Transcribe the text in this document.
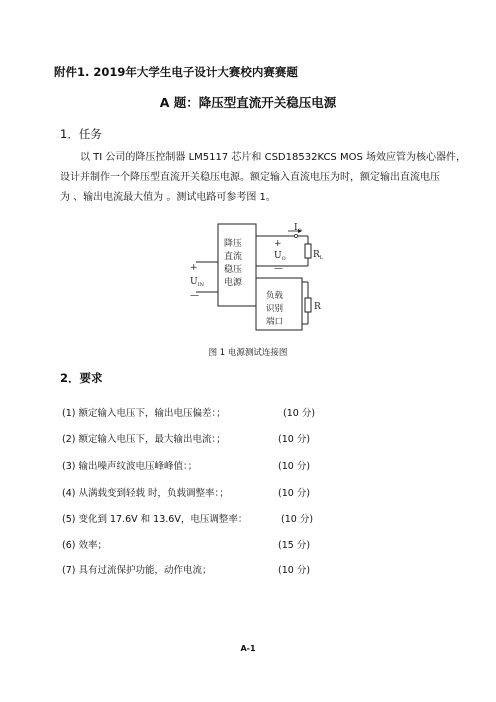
附件1. 2019年大学生电子设计大赛校内赛赛题
A 题：降压型直流开关稳压电源
1．任务
以 TI 公司的降压控制器 LM5117 芯片和 CSD18532KCS MOS 场效应管为核心器件，
设计并制作一个降压型直流开关稳压电源。额定输入直流电压为时，额定输出直流电压
为 、输出电流最大值为 。测试电路可参考图 1。
降压
直流
稳压
电源
负载
识别
端口
+
$U_{IN}$
—
+
$U_O$
—
$I_O$
$R_L$
R
图 1 电源测试连接图
2．要求
(1) 额定输入电压下，输出电压偏差：；	(10 分)
(2) 额定输入电压下，最大输出电流：；	(10 分)
(3) 输出噪声纹波电压峰峰值：；	(10 分)
(4) 从满载变到轻载 时，负载调整率：；	(10 分)
(5) 变化到 17.6V 和 13.6V，电压调整率：	(10 分)
(6) 效率；	(15 分)
(7) 具有过流保护功能，动作电流；	(10 分)
A-1
